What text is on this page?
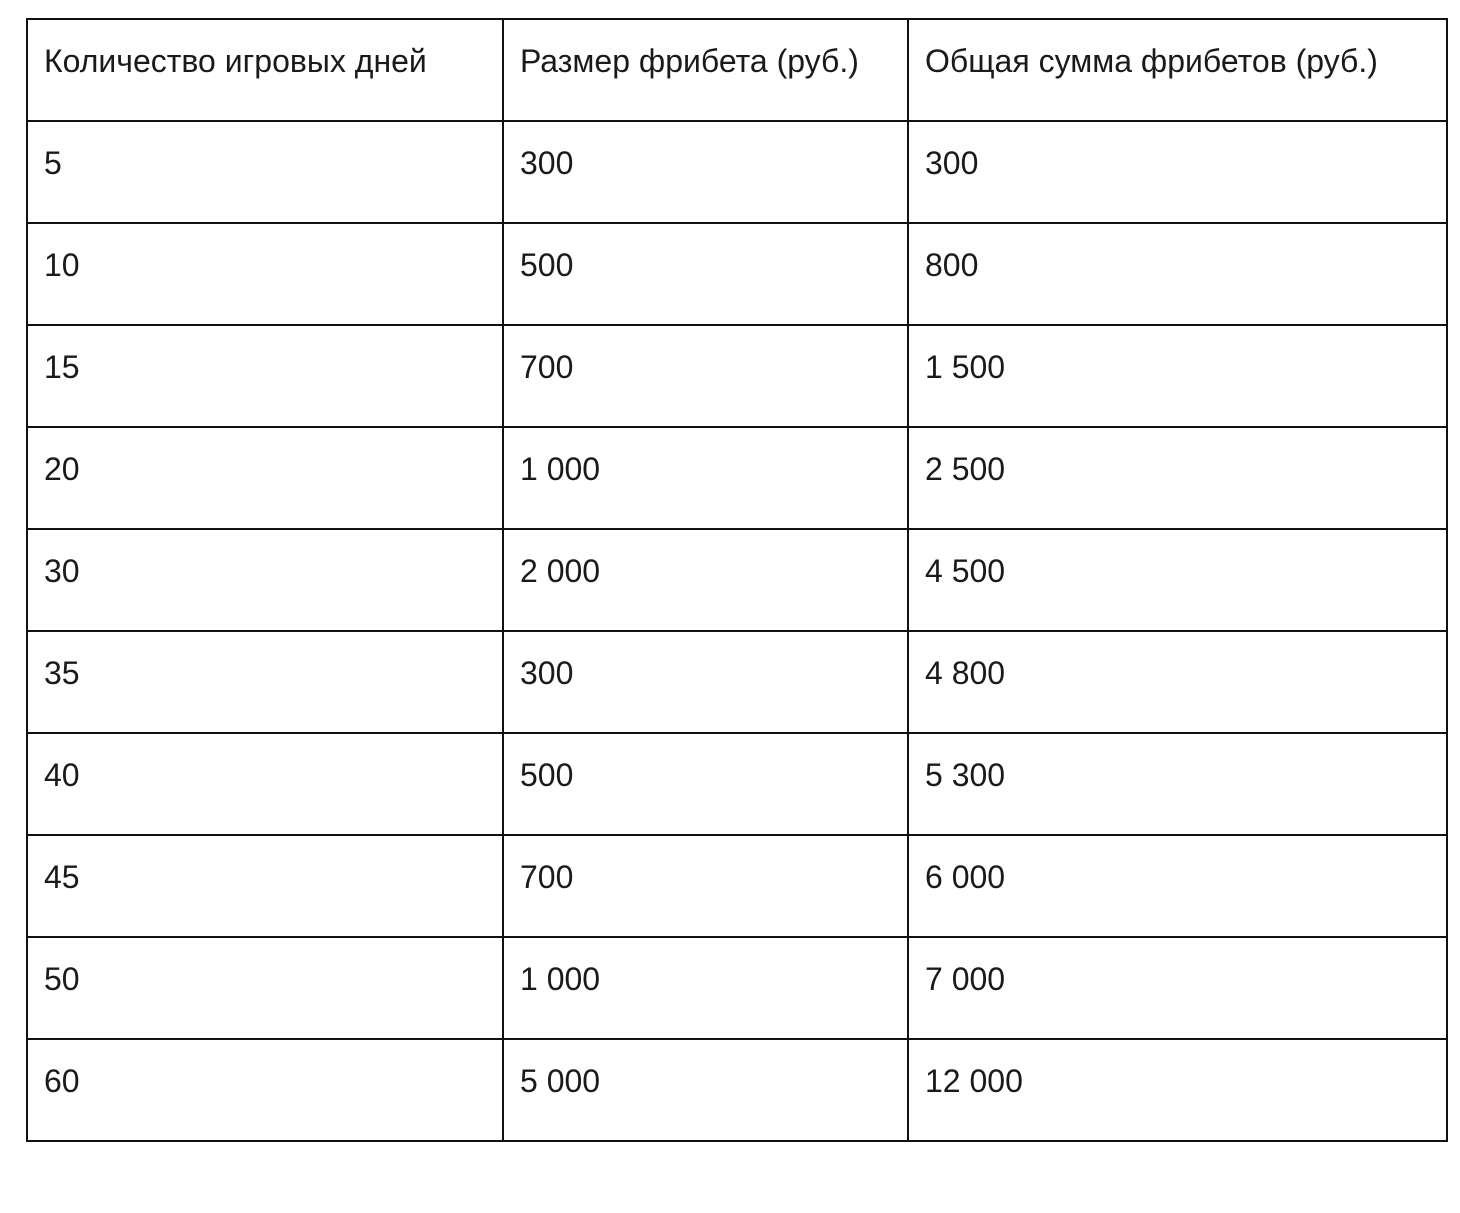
Количество игровых дней	Размер фрибета (руб.)	Общая сумма фрибетов (руб.)

5	300	300

10	500	800

15	700	1 500

20	1 000	2 500

30	2 000	4 500

35	300	4 800

40	500	5 300

45	700	6 000

50	1 000	7 000

60	5 000	12 000
